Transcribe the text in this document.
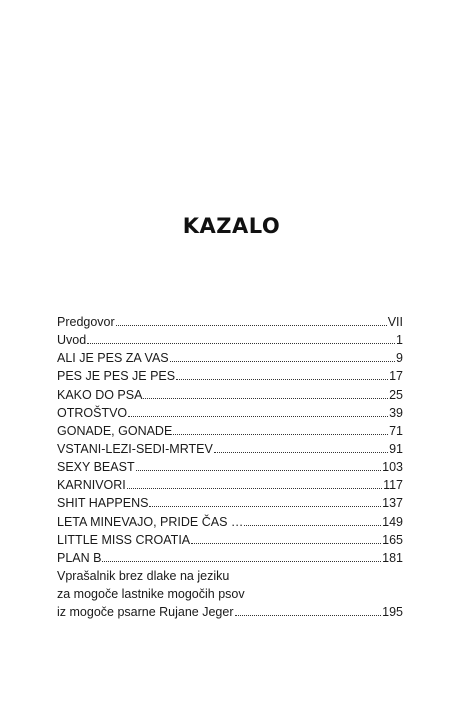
KAZALO
Predgovor	VII
Uvod	1
ALI JE PES ZA VAS	9
PES JE PES JE PES	17
KAKO DO PSA	25
OTROŠTVO	39
GONADE, GONADE	71
VSTANI-LEZI-SEDI-MRTEV	91
SEXY BEAST	103
KARNIVORI	117
SHIT HAPPENS	137
LETA MINEVAJO, PRIDE ČAS …	149
LITTLE MISS CROATIA	165
PLAN B	181
Vprašalnik brez dlake na jeziku
za mogoče lastnike mogočih psov
iz mogoče psarne Rujane Jeger	195
